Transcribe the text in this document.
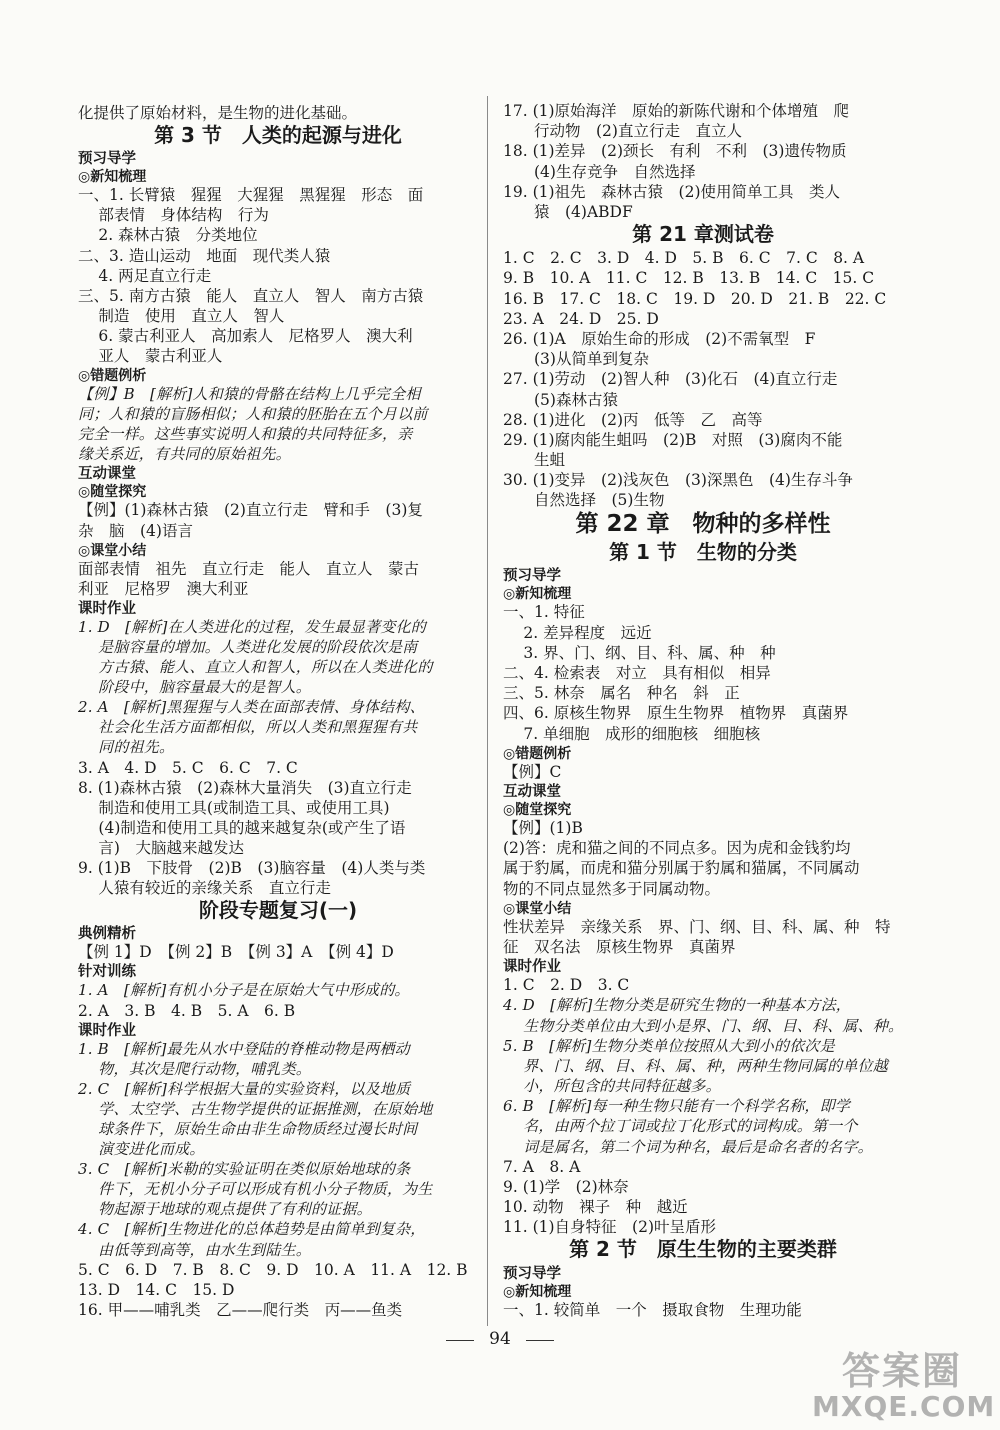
化提供了原始材料，是生物的进化基础。
第 3 节　人类的起源与进化
预习导学
◎新知梳理
一、1. 长臂猿　猩猩　大猩猩　黑猩猩　形态　面
　 部表情　身体结构　行为
　 2. 森林古猿　分类地位
二、3. 造山运动　地面　现代类人猿
　 4. 两足直立行走
三、5. 南方古猿　能人　直立人　智人　南方古猿
　 制造　使用　直立人　智人
　 6. 蒙古利亚人　高加索人　尼格罗人　澳大利
　 亚人　蒙古利亚人
◎错题例析
【例】B　[解析]人和猿的骨骼在结构上几乎完全相
同；人和猿的盲肠相似；人和猿的胚胎在五个月以前
完全一样。这些事实说明人和猿的共同特征多，亲
缘关系近，有共同的原始祖先。
互动课堂
◎随堂探究
【例】(1)森林古猿　(2)直立行走　臂和手　(3)复
杂　脑　(4)语言
◎课堂小结
面部表情　祖先　直立行走　能人　直立人　蒙古
利亚　尼格罗　澳大利亚
课时作业
1. D　[解析]在人类进化的过程，发生最显著变化的
　 是脑容量的增加。人类进化发展的阶段依次是南
　 方古猿、能人、直立人和智人，所以在人类进化的
　 阶段中，脑容量最大的是智人。
2. A　[解析]黑猩猩与人类在面部表情、身体结构、
　 社会化生活方面都相似，所以人类和黑猩猩有共
　 同的祖先。
3. A　4. D　5. C　6. C　7. C
8. (1)森林古猿　(2)森林大量消失　(3)直立行走
　 制造和使用工具(或制造工具、或使用工具)
　 (4)制造和使用工具的越来越复杂(或产生了语
　 言)　大脑越来越发达
9. (1)B　下肢骨　(2)B　(3)脑容量　(4)人类与类
　 人猿有较近的亲缘关系　直立行走
阶段专题复习(一)
典例精析
【例 1】D　【例 2】B　【例 3】A　【例 4】D
针对训练
1. A　[解析]有机小分子是在原始大气中形成的。
2. A　3. B　4. B　5. A　6. B
课时作业
1. B　[解析]最先从水中登陆的脊椎动物是两栖动
　 物，其次是爬行动物，哺乳类。
2. C　[解析]科学根据大量的实验资料，以及地质
　 学、太空学、古生物学提供的证据推测，在原始地
　 球条件下，原始生命由非生命物质经过漫长时间
　 演变进化而成。
3. C　[解析]米勒的实验证明在类似原始地球的条
　 件下，无机小分子可以形成有机小分子物质，为生
　 物起源于地球的观点提供了有利的证据。
4. C　[解析]生物进化的总体趋势是由简单到复杂，
　 由低等到高等，由水生到陆生。
5. C　6. D　7. B　8. C　9. D　10. A　11. A　12. B
13. D　14. C　15. D
16. 甲——哺乳类　乙——爬行类　丙——鱼类
17. (1)原始海洋　原始的新陈代谢和个体增殖　爬
　　行动物　(2)直立行走　直立人
18. (1)差异　(2)颈长　有利　不利　(3)遗传物质
　　(4)生存竞争　自然选择
19. (1)祖先　森林古猿　(2)使用简单工具　类人
　　猿　(4)ABDF
第 21 章测试卷
1. C　2. C　3. D　4. D　5. B　6. C　7. C　8. A
9. B　10. A　11. C　12. B　13. B　14. C　15. C
16. B　17. C　18. C　19. D　20. D　21. B　22. C
23. A　24. D　25. D
26. (1)A　原始生命的形成　(2)不需氧型　F
　　(3)从简单到复杂
27. (1)劳动　(2)智人种　(3)化石　(4)直立行走
　　(5)森林古猿
28. (1)进化　(2)丙　低等　乙　高等
29. (1)腐肉能生蛆吗　(2)B　对照　(3)腐肉不能
　　生蛆
30. (1)变异　(2)浅灰色　(3)深黑色　(4)生存斗争
　　自然选择　(5)生物
第 22 章　物种的多样性
第 1 节　生物的分类
预习导学
◎新知梳理
一、1. 特征
　 2. 差异程度　远近
　 3. 界、门、纲、目、科、属、种　种
二、4. 检索表　对立　具有相似　相异
三、5. 林奈　属名　种名　斜　正
四、6. 原核生物界　原生生物界　植物界　真菌界
　 7. 单细胞　成形的细胞核　细胞核
◎错题例析
【例】C
互动课堂
◎随堂探究
【例】(1)B
(2)答：虎和猫之间的不同点多。因为虎和金钱豹均
属于豹属，而虎和猫分别属于豹属和猫属，不同属动
物的不同点显然多于同属动物。
◎课堂小结
性状差异　亲缘关系　界、门、纲、目、科、属、种　特
征　双名法　原核生物界　真菌界
课时作业
1. C　2. D　3. C
4. D　[解析]生物分类是研究生物的一种基本方法，
　 生物分类单位由大到小是界、门、纲、目、科、属、种。
5. B　[解析]生物分类单位按照从大到小的依次是
　 界、门、纲、目、科、属、种，两种生物同属的单位越
　 小，所包含的共同特征越多。
6. B　[解析]每一种生物只能有一个科学名称，即学
　 名，由两个拉丁词或拉丁化形式的词构成。第一个
　 词是属名，第二个词为种名，最后是命名者的名字。
7. A　8. A
9. (1)学　(2)林奈
10. 动物　裸子　种　越近
11. (1)自身特征　(2)叶呈盾形
第 2 节　原生生物的主要类群
预习导学
◎新知梳理
一、1. 较简单　一个　摄取食物　生理功能
94
答案圈
MXQE.COM
